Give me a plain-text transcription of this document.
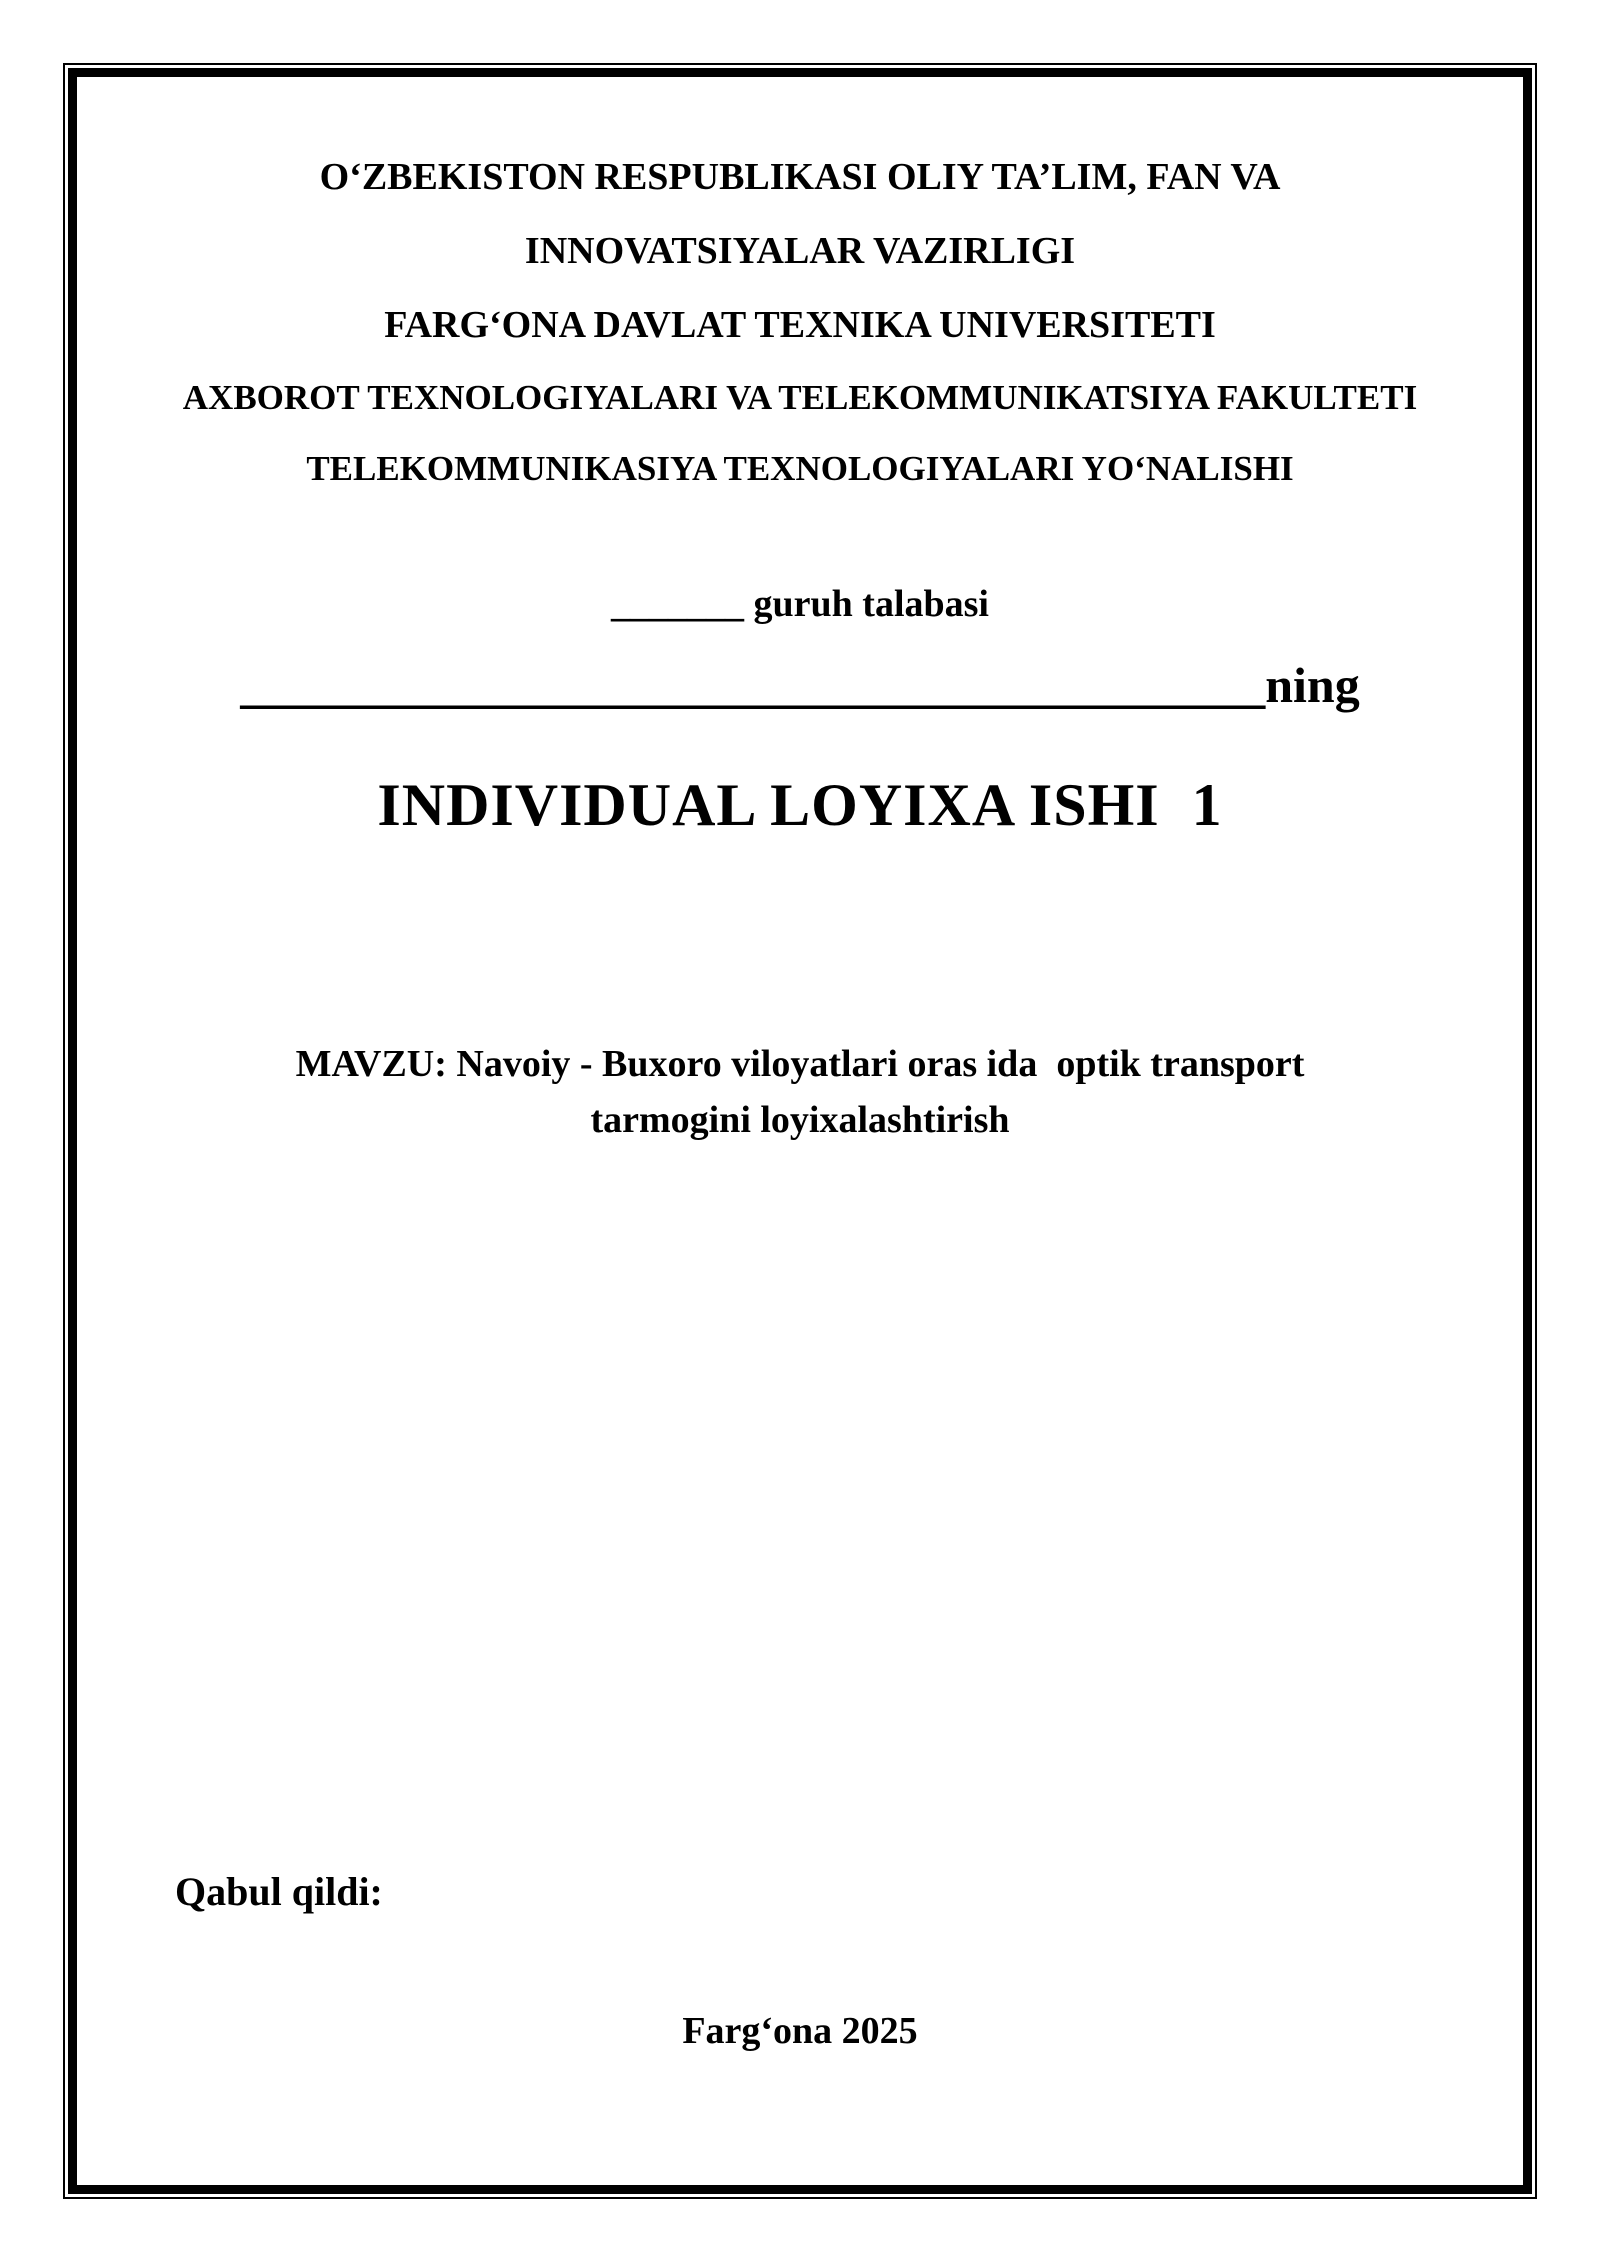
OʻZBEKISTON RESPUBLIKASI OLIY TA’LIM, FAN VA
INNOVATSIYALAR VAZIRLIGI
FARGʻONA DAVLAT TEXNIKA UNIVERSITETI
AXBOROT TEXNOLOGIYALARI VA TELEKOMMUNIKATSIYA FAKULTETI
TELEKOMMUNIKASIYA TEXNOLOGIYALARI YOʻNALISHI
_______ guruh talabasi
_________________________________________ning
INDIVIDUAL LOYIXA ISHI  1
MAVZU: Navoiy - Buxoro viloyatlari oras ida  optik transport
tarmogini loyixalashtirish
Qabul qildi:
Fargʻona 2025
